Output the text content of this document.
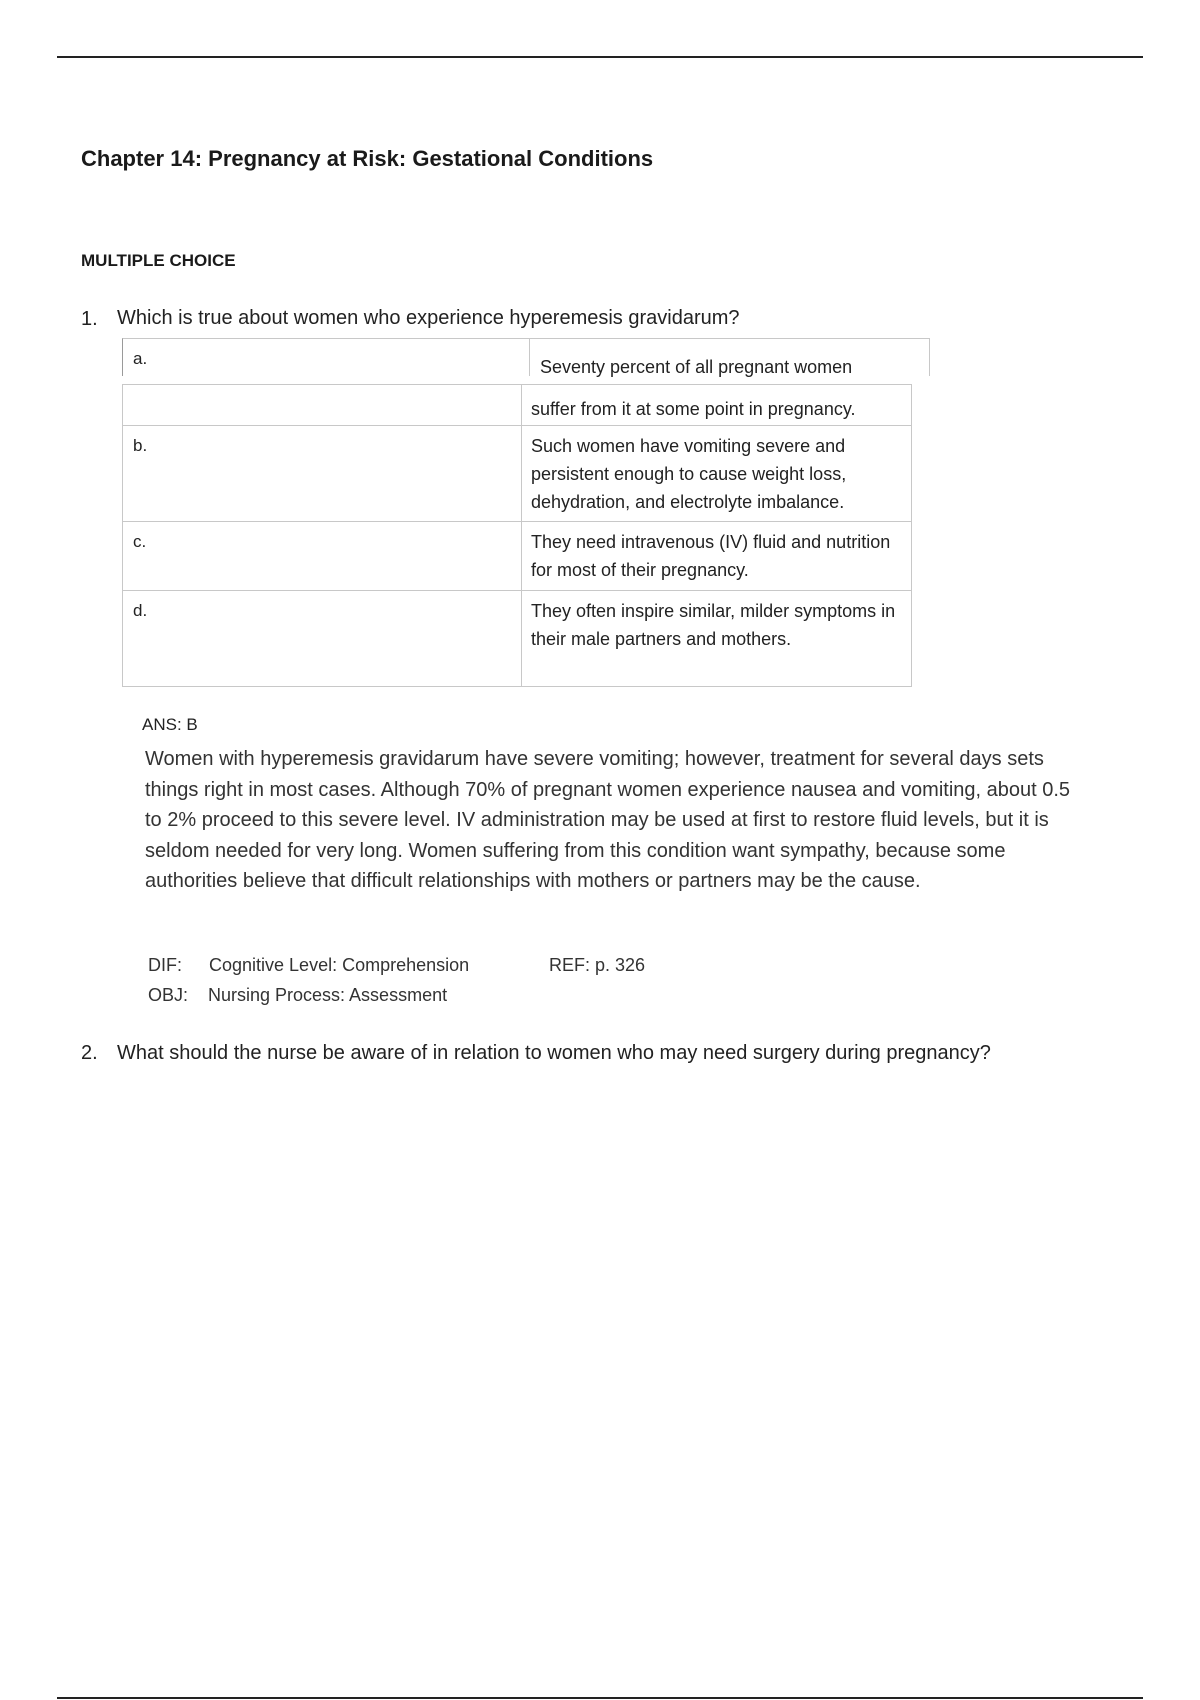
Chapter 14: Pregnancy at Risk: Gestational Conditions
MULTIPLE CHOICE
1. Which is true about women who experience hyperemesis gravidarum?
a.	Seventy percent of all pregnant women
suffer from it at some point in pregnancy.
b.	Such women have vomiting severe and persistent enough to cause weight loss, dehydration, and electrolyte imbalance.
c.	They need intravenous (IV) fluid and nutrition for most of their pregnancy.
d.	They often inspire similar, milder symptoms in their male partners and mothers.
ANS: B
Women with hyperemesis gravidarum have severe vomiting; however, treatment for several days sets things right in most cases. Although 70% of pregnant women experience nausea and vomiting, about 0.5 to 2% proceed to this severe level. IV administration may be used at first to restore fluid levels, but it is seldom needed for very long. Women suffering from this condition want sympathy, because some authorities believe that difficult relationships with mothers or partners may be the cause.
DIF: Cognitive Level: Comprehension	REF: p. 326
OBJ: Nursing Process: Assessment
2. What should the nurse be aware of in relation to women who may need surgery during pregnancy?
